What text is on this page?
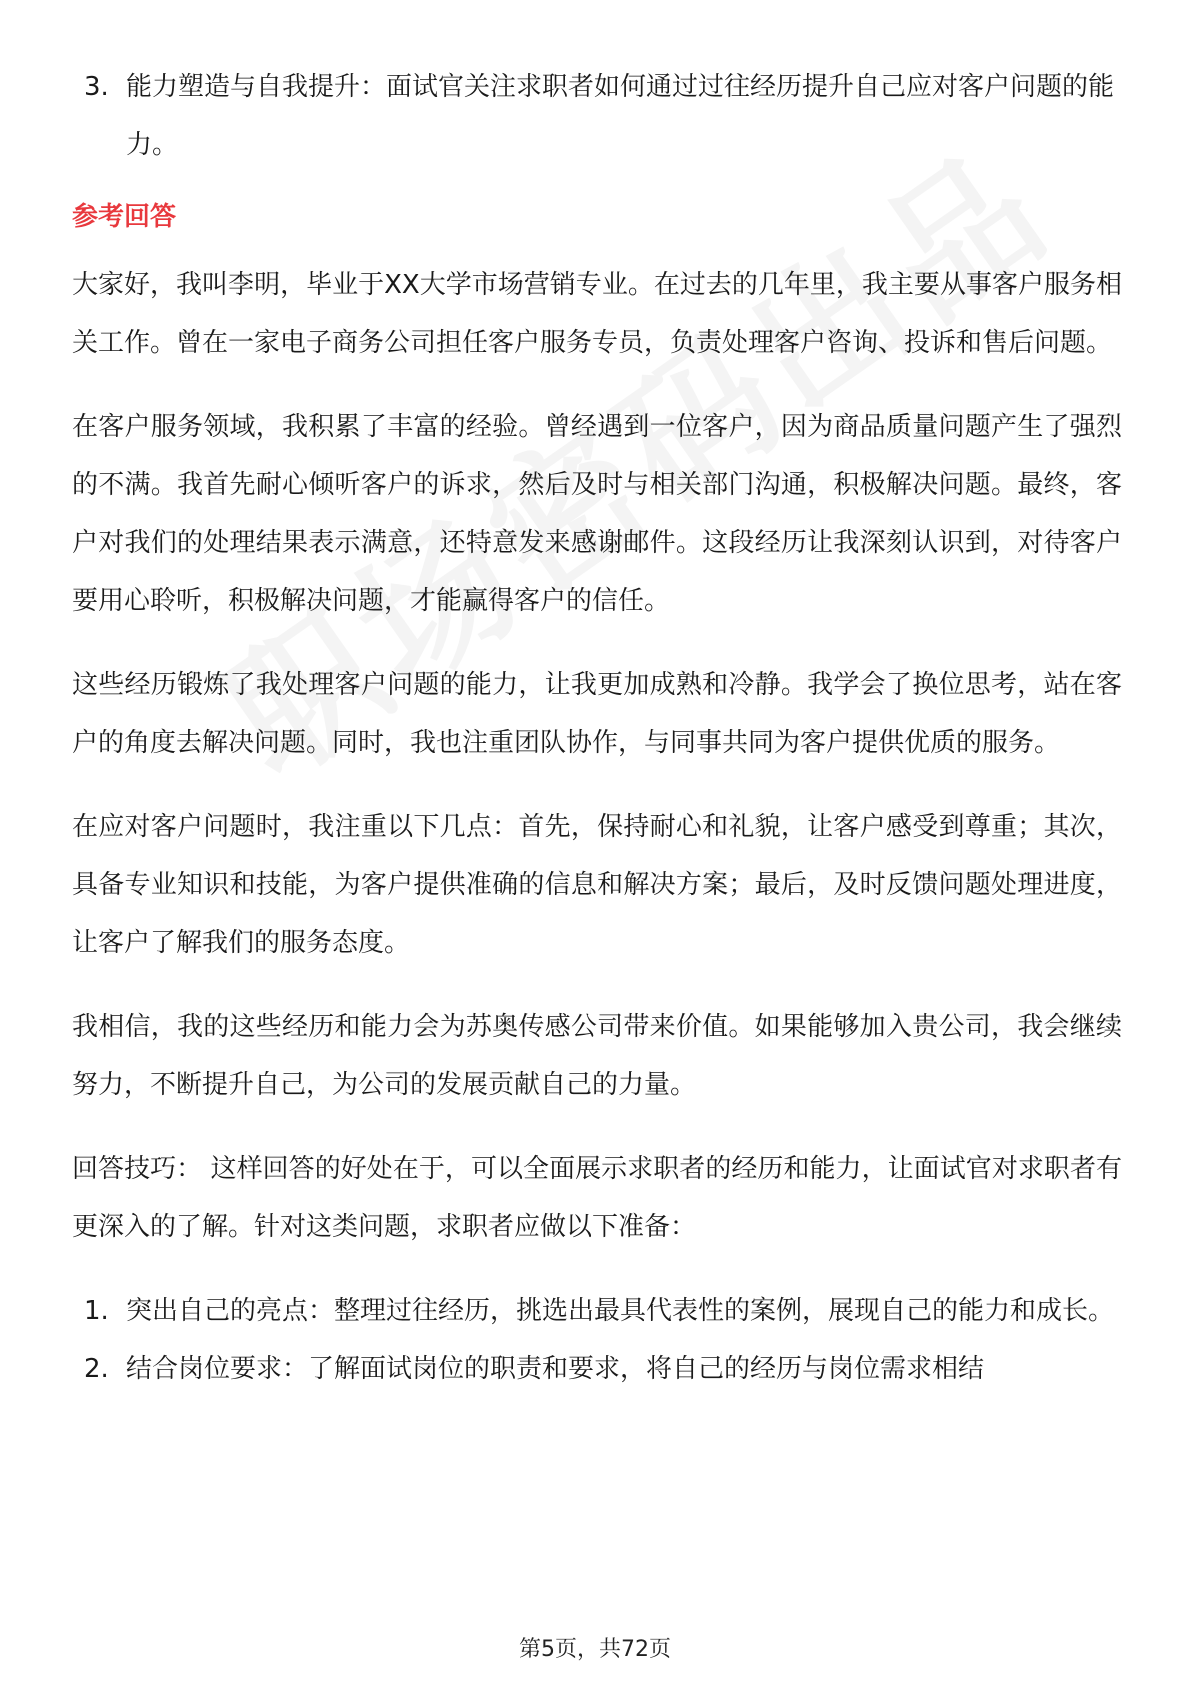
3. 能力塑造与自我提升：面试官关注求职者如何通过过往经历提升自己应对客户问题的能力。
参考回答

大家好，我叫李明，毕业于XX大学市场营销专业。在过去的几年里，我主要从事客户服务相关工作。曾在一家电子商务公司担任客户服务专员，负责处理客户咨询、投诉和售后问题。

在客户服务领域，我积累了丰富的经验。曾经遇到一位客户，因为商品质量问题产生了强烈的不满。我首先耐心倾听客户的诉求，然后及时与相关部门沟通，积极解决问题。最终，客户对我们的处理结果表示满意，还特意发来感谢邮件。这段经历让我深刻认识到，对待客户要用心聆听，积极解决问题，才能赢得客户的信任。

这些经历锻炼了我处理客户问题的能力，让我更加成熟和冷静。我学会了换位思考，站在客户的角度去解决问题。同时，我也注重团队协作，与同事共同为客户提供优质的服务。

在应对客户问题时，我注重以下几点：首先，保持耐心和礼貌，让客户感受到尊重；其次，具备专业知识和技能，为客户提供准确的信息和解决方案；最后，及时反馈问题处理进度，让客户了解我们的服务态度。

我相信，我的这些经历和能力会为苏奥传感公司带来价值。如果能够加入贵公司，我会继续努力，不断提升自己，为公司的发展贡献自己的力量。

回答技巧： 这样回答的好处在于，可以全面展示求职者的经历和能力，让面试官对求职者有更深入的了解。针对这类问题，求职者应做以下准备：

1. 突出自己的亮点：整理过往经历，挑选出最具代表性的案例，展现自己的能力和成长。
2. 结合岗位要求：了解面试岗位的职责和要求，将自己的经历与岗位需求相结
第5页，共72页
